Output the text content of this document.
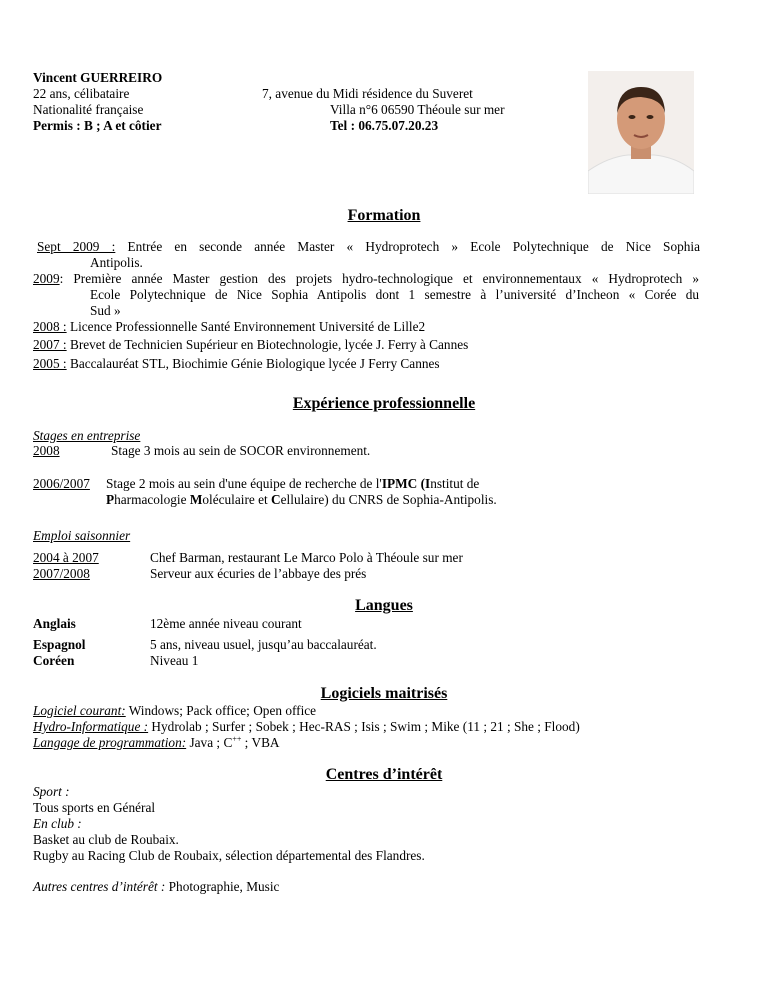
Vincent GUERREIRO
22 ans, célibataire
Nationalité française
Permis : B ; A et côtier
7, avenue du Midi résidence du Suveret
Villa n°6 06590 Théoule sur mer
Tel : 06.75.07.20.23
Formation
Sept 2009 : Entrée en seconde année Master « Hydroprotech » Ecole Polytechnique de Nice Sophia
Antipolis.
2009: Première année Master gestion des projets hydro-technologique et environnementaux « Hydroprotech »
Ecole Polytechnique de Nice Sophia Antipolis dont 1 semestre à l’université d’Incheon « Corée du
Sud »
2008 : Licence Professionnelle Santé Environnement Université de Lille2
2007 : Brevet de Technicien Supérieur en Biotechnologie, lycée J. Ferry à Cannes
2005 : Baccalauréat STL, Biochimie Génie Biologique lycée J Ferry Cannes
Expérience professionnelle
Stages en entreprise
2008	Stage 3 mois au sein de SOCOR environnement.
2006/2007 Stage 2 mois au sein d'une équipe de recherche de l'IPMC (Institut de
Pharmacologie Moléculaire et Cellulaire) du CNRS de Sophia-Antipolis.
Emploi saisonnier
2004 à 2007	Chef Barman, restaurant Le Marco Polo à Théoule sur mer
2007/2008	Serveur aux écuries de l’abbaye des prés
Langues
Anglais	12ème année niveau courant
Espagnol	5 ans, niveau usuel, jusqu’au baccalauréat.
Coréen	Niveau 1
Logiciels maitrisés
Logiciel courant: Windows; Pack office; Open office
Hydro-Informatique : Hydrolab ; Surfer ; Sobek ; Hec-RAS ; Isis ; Swim ; Mike (11 ; 21 ; She ; Flood)
Langage de programmation: Java ; C++ ; VBA
Centres d’intérêt
Sport :
Tous sports en Général
En club :
Basket au club de Roubaix.
Rugby au Racing Club de Roubaix, sélection départemental des Flandres.
Autres centres d’intérêt : Photographie, Music
